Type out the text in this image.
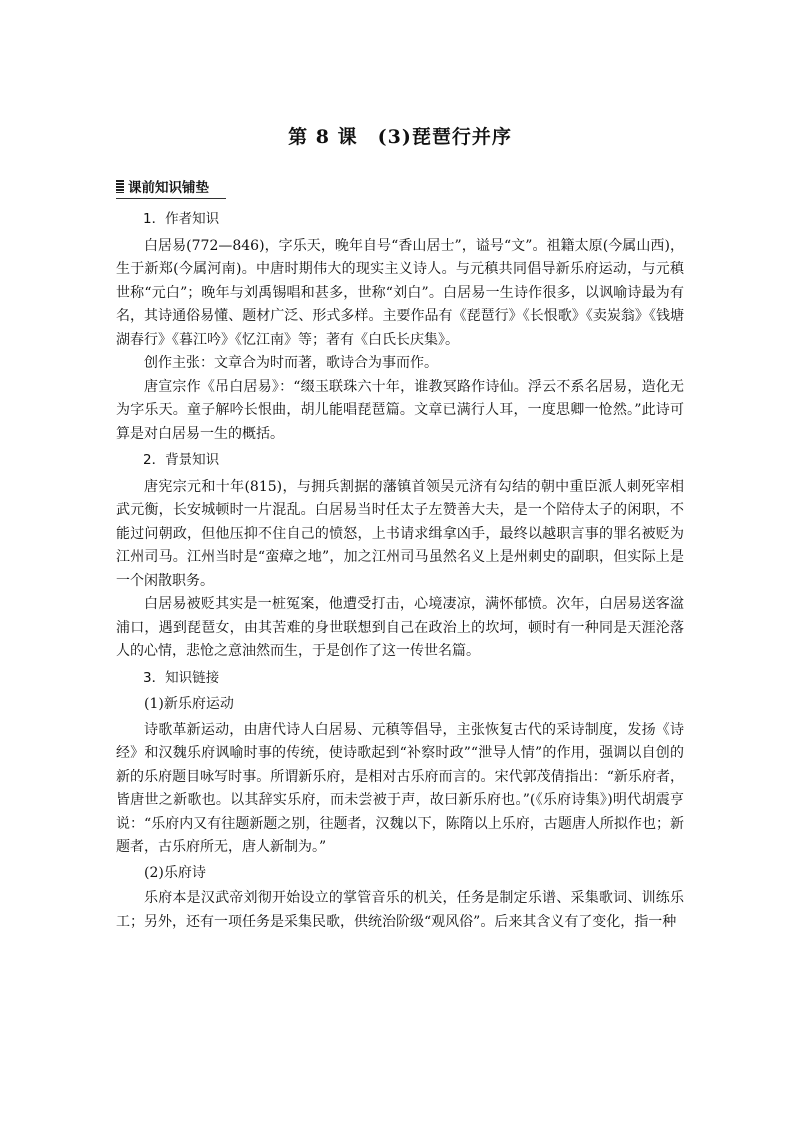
第 8 课　(3)琵琶行并序
课前知识铺垫

1．作者知识

白居易(772—846)，字乐天，晚年自号“香山居士”，谥号“文”。祖籍太原(今属山西)，生于新郑(今属河南)。中唐时期伟大的现实主义诗人。与元稹共同倡导新乐府运动，与元稹世称“元白”；晚年与刘禹锡唱和甚多，世称“刘白”。白居易一生诗作很多，以讽喻诗最为有名，其诗通俗易懂、题材广泛、形式多样。主要作品有《琵琶行》《长恨歌》《卖炭翁》《钱塘湖春行》《暮江吟》《忆江南》等；著有《白氏长庆集》。

创作主张：文章合为时而著，歌诗合为事而作。

唐宣宗作《吊白居易》：“缀玉联珠六十年，谁教冥路作诗仙。浮云不系名居易，造化无为字乐天。童子解吟长恨曲，胡儿能唱琵琶篇。文章已满行人耳，一度思卿一怆然。”此诗可算是对白居易一生的概括。

2．背景知识

唐宪宗元和十年(815)，与拥兵割据的藩镇首领吴元济有勾结的朝中重臣派人刺死宰相武元衡，长安城顿时一片混乱。白居易当时任太子左赞善大夫，是一个陪侍太子的闲职，不能过问朝政，但他压抑不住自己的愤怒，上书请求缉拿凶手，最终以越职言事的罪名被贬为江州司马。江州当时是“蛮瘴之地”，加之江州司马虽然名义上是州刺史的副职，但实际上是一个闲散职务。

白居易被贬其实是一桩冤案，他遭受打击，心境凄凉，满怀郁愤。次年，白居易送客湓浦口，遇到琵琶女，由其苦难的身世联想到自己在政治上的坎坷，顿时有一种同是天涯沦落人的心情，悲怆之意油然而生，于是创作了这一传世名篇。

3．知识链接

(1)新乐府运动

诗歌革新运动，由唐代诗人白居易、元稹等倡导，主张恢复古代的采诗制度，发扬《诗经》和汉魏乐府讽喻时事的传统，使诗歌起到“补察时政”“泄导人情”的作用，强调以自创的新的乐府题目咏写时事。所谓新乐府，是相对古乐府而言的。宋代郭茂倩指出：“新乐府者，皆唐世之新歌也。以其辞实乐府，而未尝被于声，故曰新乐府也。”(《乐府诗集》)明代胡震亨说：“乐府内又有往题新题之别，往题者，汉魏以下，陈隋以上乐府，古题唐人所拟作也；新题者，古乐府所无，唐人新制为。”

(2)乐府诗

乐府本是汉武帝刘彻开始设立的掌管音乐的机关，任务是制定乐谱、采集歌词、训练乐工；另外，还有一项任务是采集民歌，供统治阶级“观风俗”。后来其含义有了变化，指一种
